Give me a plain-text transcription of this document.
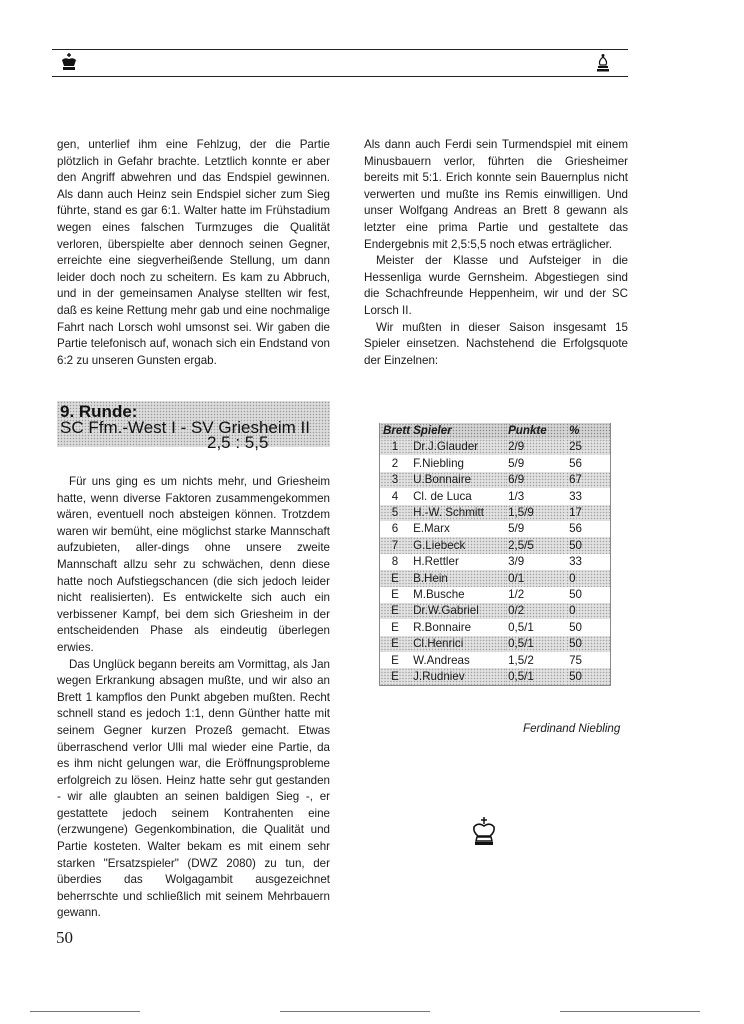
gen, unterlief ihm eine Fehlzug, der die Partie plötzlich in Gefahr brachte. Letztlich konnte er aber den Angriff abwehren und das Endspiel gewinnen. Als dann auch Heinz sein Endspiel sicher zum Sieg führte, stand es gar 6:1. Walter hatte im Frühstadium wegen eines falschen Turmzuges die Qualität verloren, überspielte aber dennoch seinen Gegner, erreichte eine siegverheißende Stellung, um dann leider doch noch zu scheitern. Es kam zu Abbruch, und in der gemeinsamen Analyse stellten wir fest, daß es keine Rettung mehr gab und eine nochmalige Fahrt nach Lorsch wohl umsonst sei. Wir gaben die Partie telefonisch auf, wonach sich ein Endstand von 6:2 zu unseren Gunsten ergab.

9. Runde:
SC Ffm.-West I - SV Griesheim II
2,5 : 5,5

Für uns ging es um nichts mehr, und Griesheim hatte, wenn diverse Faktoren zusammengekommen wären, eventuell noch absteigen können. Trotzdem waren wir bemüht, eine möglichst starke Mannschaft aufzubieten, aller-dings ohne unsere zweite Mannschaft allzu sehr zu schwächen, denn diese hatte noch Aufstiegschancen (die sich jedoch leider nicht realisierten). Es entwickelte sich auch ein verbissener Kampf, bei dem sich Griesheim in der entscheidenden Phase als eindeutig überlegen erwies.

Das Unglück begann bereits am Vormittag, als Jan wegen Erkrankung absagen mußte, und wir also an Brett 1 kampflos den Punkt abgeben mußten. Recht schnell stand es jedoch 1:1, denn Günther hatte mit seinem Gegner kurzen Prozeß gemacht. Etwas überraschend verlor Ulli mal wieder eine Partie, da es ihm nicht gelungen war, die Eröffnungsprobleme erfolgreich zu lösen. Heinz hatte sehr gut gestanden - wir alle glaubten an seinen baldigen Sieg -, er gestattete jedoch seinem Kontrahenten eine (erzwungene) Gegenkombination, die Qualität und Partie kosteten. Walter bekam es mit einem sehr starken "Ersatzspieler" (DWZ 2080) zu tun, der überdies das Wolgagambit ausgezeichnet beherrschte und schließlich mit seinem Mehrbauern gewann.

Als dann auch Ferdi sein Turmendspiel mit einem Minusbauern verlor, führten die Griesheimer bereits mit 5:1. Erich konnte sein Bauernplus nicht verwerten und mußte ins Remis einwilligen. Und unser Wolfgang Andreas an Brett 8 gewann als letzter eine prima Partie und gestaltete das Endergebnis mit 2,5:5,5 noch etwas erträglicher.

Meister der Klasse und Aufsteiger in die Hessenliga wurde Gernsheim. Abgestiegen sind die Schachfreunde Heppenheim, wir und der SC Lorsch II.

Wir mußten in dieser Saison insgesamt 15 Spieler einsetzen. Nachstehend die Erfolgsquote der Einzelnen:

Brett	Spieler	Punkte	%
1	Dr.J.Glauder	2/9	25
2	F.Niebling	5/9	56
3	U.Bonnaire	6/9	67
4	Cl. de Luca	1/3	33
5	H.-W. Schmitt	1,5/9	17
6	E.Marx	5/9	56
7	G.Liebeck	2,5/5	50
8	H.Rettler	3/9	33
E	B.Hein	0/1	0
E	M.Busche	1/2	50
E	Dr.W.Gabriel	0/2	0
E	R.Bonnaire	0,5/1	50
E	Cl.Henrici	0,5/1	50
E	W.Andreas	1,5/2	75
E	J.Rudniev	0,5/1	50
Ferdinand Niebling
50
